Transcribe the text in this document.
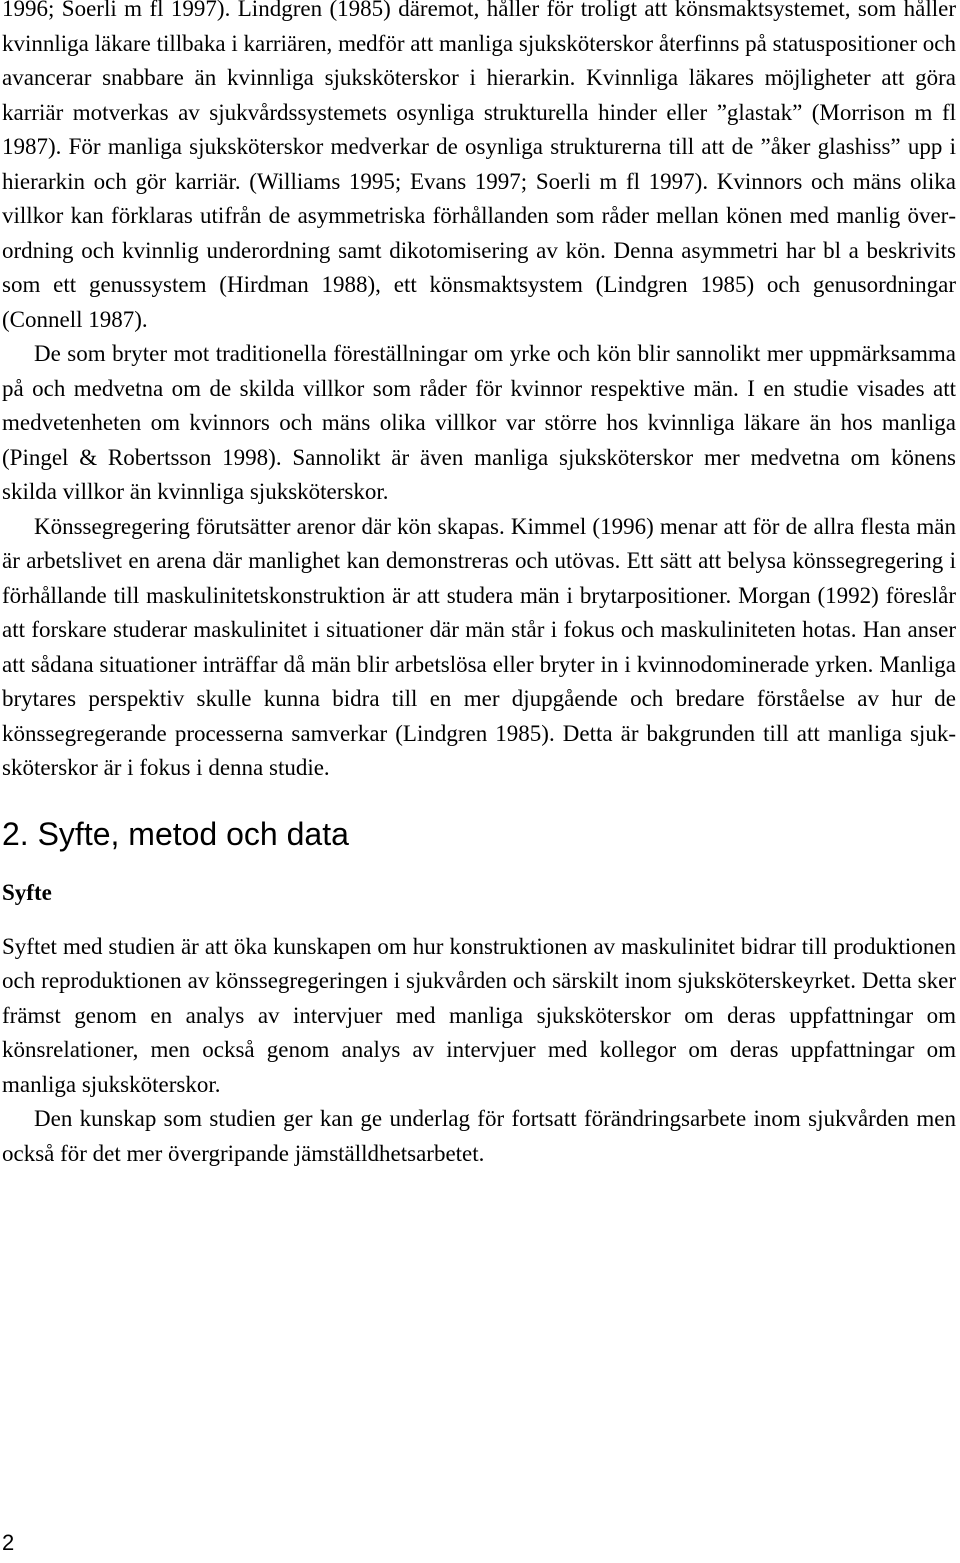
1996; Soerli m fl 1997). Lindgren (1985) däremot, håller för troligt att könsmaktsystemet, som håller kvinnliga läkare tillbaka i karriären, medför att manliga sjuksköterskor återfinns på statuspositioner och avancerar snabbare än kvinnliga sjuksköterskor i hierarkin. Kvinnliga läkares möjligheter att göra karriär motverkas av sjukvårdssystemets osynliga strukturella hinder eller ”glastak” (Morrison m fl 1987). För manliga sjuksköterskor medverkar de osynliga strukturerna till att de ”åker glashiss” upp i hierarkin och gör karriär. (Williams 1995; Evans 1997; Soerli m fl 1997). Kvinnors och mäns olika villkor kan förklaras utifrån de asymmetriska förhållanden som råder mellan könen med manlig överordning och kvinnlig underordning samt dikotomisering av kön. Denna asymmetri har bl a beskrivits som ett genussystem (Hirdman 1988), ett könsmaktsystem (Lindgren 1985) och genusordningar (Connell 1987).

De som bryter mot traditionella föreställningar om yrke och kön blir sannolikt mer uppmärksamma på och medvetna om de skilda villkor som råder för kvinnor respektive män. I en studie visades att medvetenheten om kvinnors och mäns olika villkor var större hos kvinnliga läkare än hos manliga (Pingel & Robertsson 1998). Sannolikt är även manliga sjuksköterskor mer medvetna om könens skilda villkor än kvinnliga sjuksköterskor.

Könssegregering förutsätter arenor där kön skapas. Kimmel (1996) menar att för de allra flesta män är arbetslivet en arena där manlighet kan demonstreras och utövas. Ett sätt att belysa könssegregering i förhållande till maskulinitetskonstruktion är att studera män i brytarpositioner. Morgan (1992) föreslår att forskare studerar maskulinitet i situationer där män står i fokus och maskuliniteten hotas. Han anser att sådana situationer inträffar då män blir arbetslösa eller bryter in i kvinnodominerade yrken. Manliga brytares perspektiv skulle kunna bidra till en mer djupgående och bredare förståelse av hur de könssegregerande processerna samverkar (Lindgren 1985). Detta är bakgrunden till att manliga sjuksköterskor är i fokus i denna studie.

2. Syfte, metod och data
Syfte

Syftet med studien är att öka kunskapen om hur konstruktionen av maskulinitet bidrar till produktionen och reproduktionen av könssegregeringen i sjukvården och särskilt inom sjuksköterskeyrket. Detta sker främst genom en analys av intervjuer med manliga sjuksköterskor om deras uppfattningar om könsrelationer, men också genom analys av intervjuer med kollegor om deras uppfattningar om manliga sjuksköterskor.

Den kunskap som studien ger kan ge underlag för fortsatt förändringsarbete inom sjukvården men också för det mer övergripande jämställdhetsarbetet.

2
